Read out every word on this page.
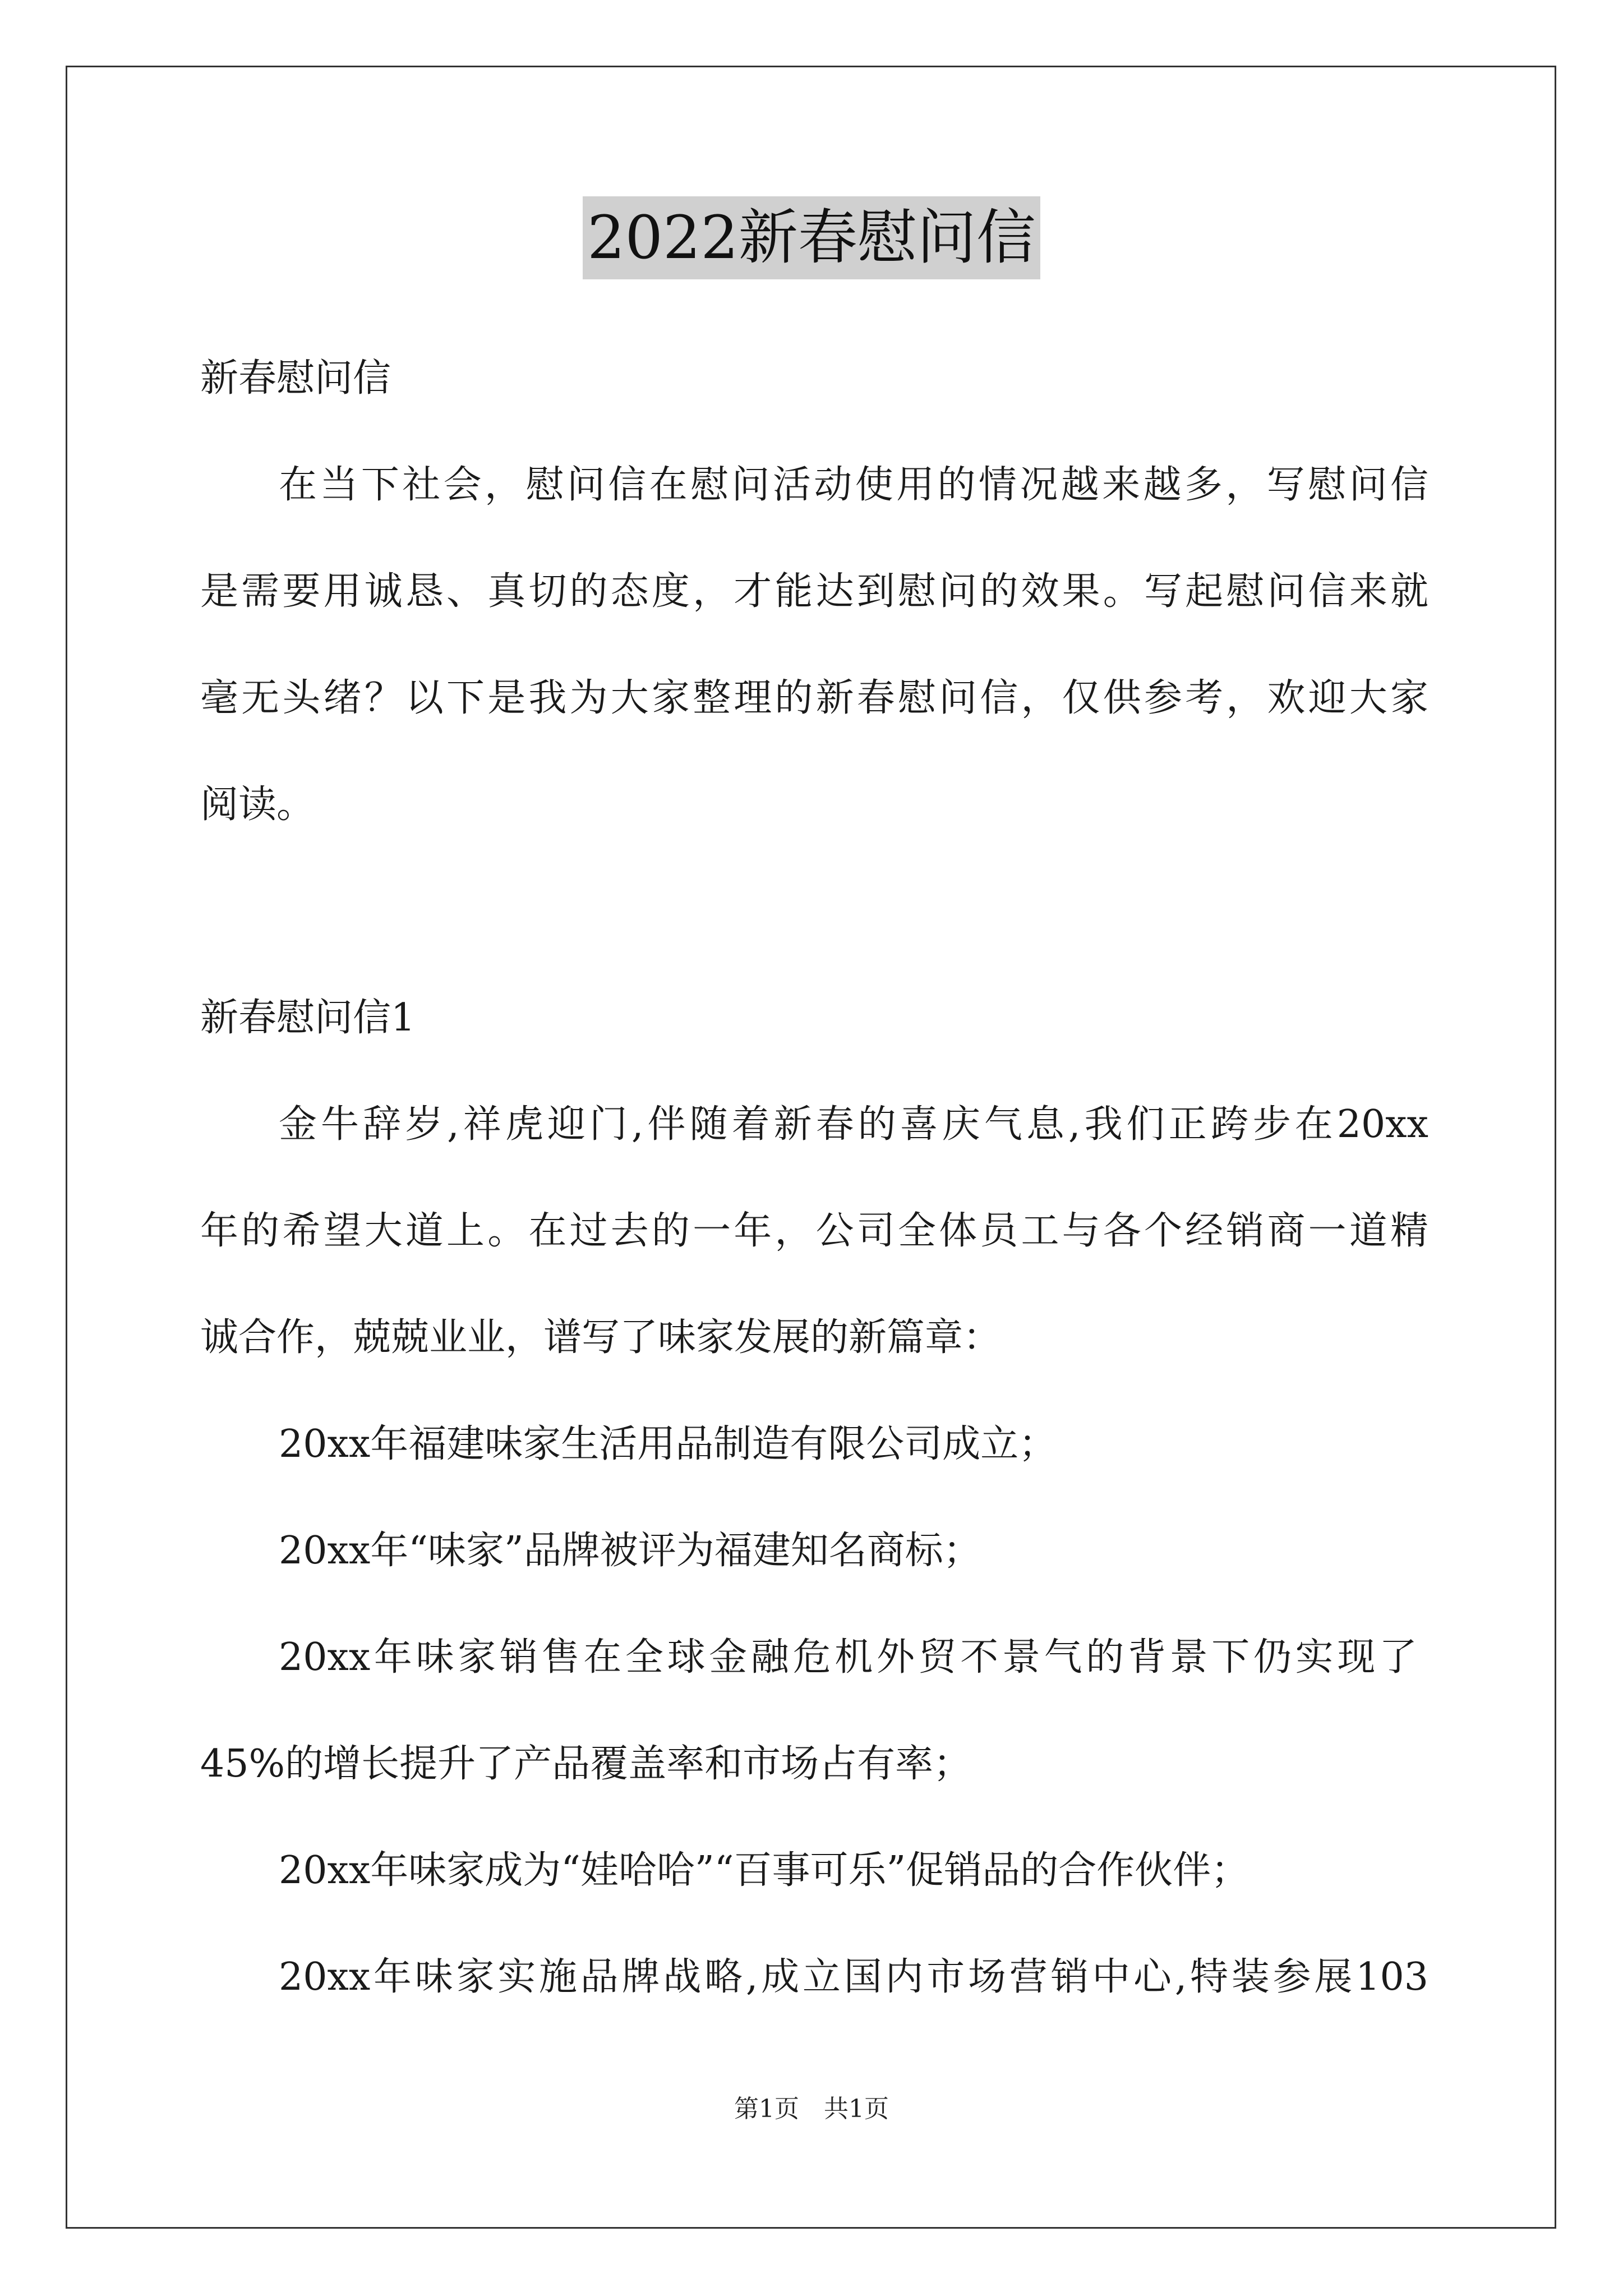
2022新春慰问信
新春慰问信
在当下社会，慰问信在慰问活动使用的情况越来越多，写慰问信
是需要用诚恳、真切的态度，才能达到慰问的效果。写起慰问信来就
毫无头绪？以下是我为大家整理的新春慰问信，仅供参考，欢迎大家
阅读。
新春慰问信1
金牛辞岁,祥虎迎门,伴随着新春的喜庆气息,我们正跨步在20xx
年的希望大道上。在过去的一年，公司全体员工与各个经销商一道精
诚合作，兢兢业业，谱写了味家发展的新篇章：
20xx年福建味家生活用品制造有限公司成立；
20xx年“味家”品牌被评为福建知名商标；
20xx年味家销售在全球金融危机外贸不景气的背景下仍实现了
45%的增长提升了产品覆盖率和市场占有率；
20xx年味家成为“娃哈哈”“百事可乐”促销品的合作伙伴；
20xx年味家实施品牌战略,成立国内市场营销中心,特装参展103
第1页　共1页
